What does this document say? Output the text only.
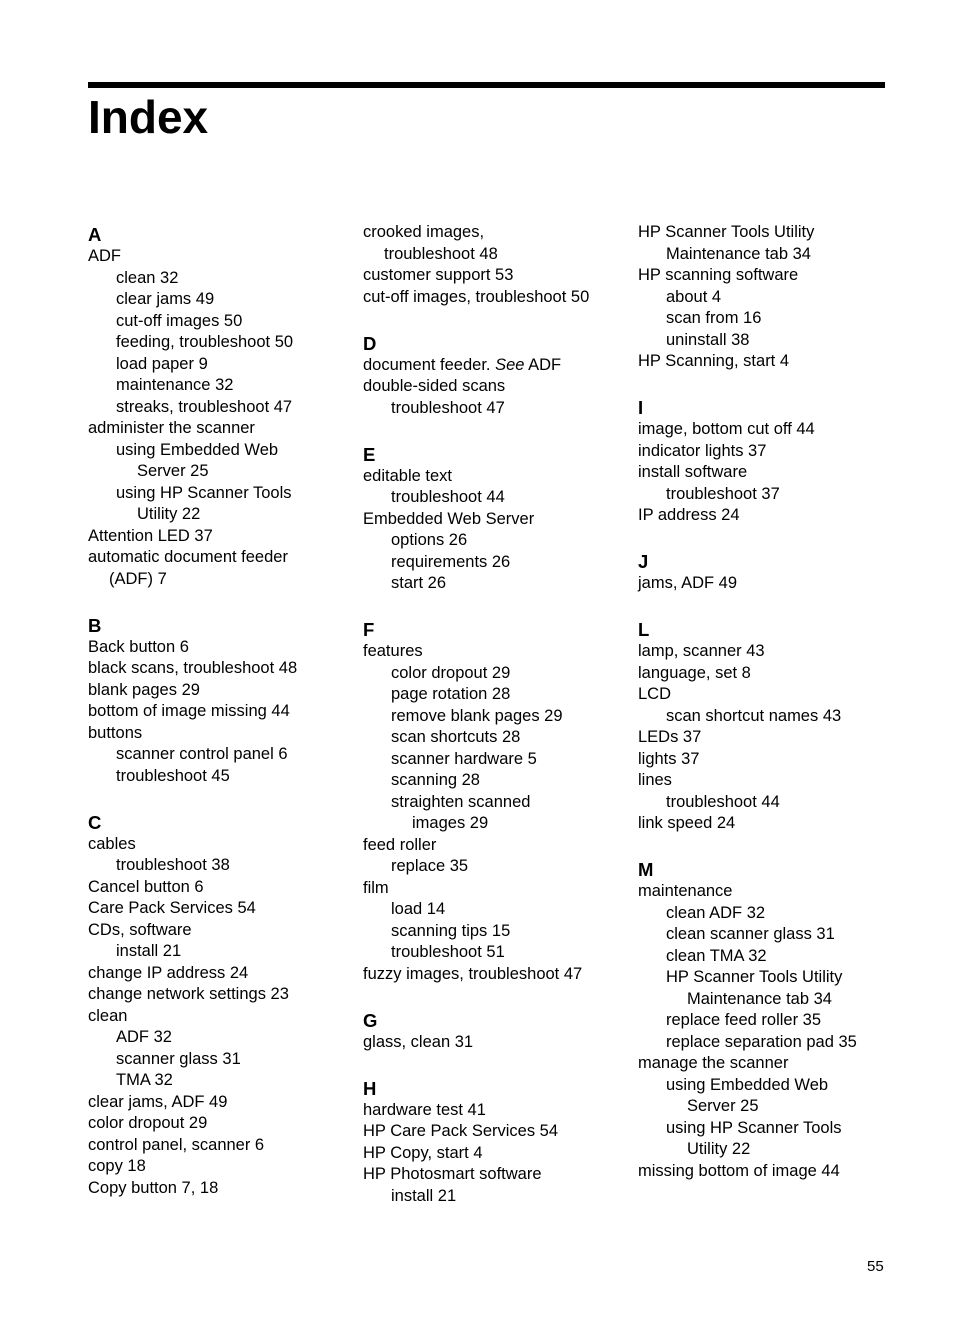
Index
A
ADF
clean 32
clear jams 49
cut-off images 50
feeding, troubleshoot 50
load paper 9
maintenance 32
streaks, troubleshoot 47
administer the scanner
using Embedded Web
Server 25
using HP Scanner Tools
Utility 22
Attention LED 37
automatic document feeder
(ADF) 7
B
Back button 6
black scans, troubleshoot 48
blank pages 29
bottom of image missing 44
buttons
scanner control panel 6
troubleshoot 45
C
cables
troubleshoot 38
Cancel button 6
Care Pack Services 54
CDs, software
install 21
change IP address 24
change network settings 23
clean
ADF 32
scanner glass 31
TMA 32
clear jams, ADF 49
color dropout 29
control panel, scanner 6
copy 18
Copy button 7, 18
crooked images,
troubleshoot 48
customer support 53
cut-off images, troubleshoot 50
D
document feeder. See ADF
double-sided scans
troubleshoot 47
E
editable text
troubleshoot 44
Embedded Web Server
options 26
requirements 26
start 26
F
features
color dropout 29
page rotation 28
remove blank pages 29
scan shortcuts 28
scanner hardware 5
scanning 28
straighten scanned
images 29
feed roller
replace 35
film
load 14
scanning tips 15
troubleshoot 51
fuzzy images, troubleshoot 47
G
glass, clean 31
H
hardware test 41
HP Care Pack Services 54
HP Copy, start 4
HP Photosmart software
install 21
HP Scanner Tools Utility
Maintenance tab 34
HP scanning software
about 4
scan from 16
uninstall 38
HP Scanning, start 4
I
image, bottom cut off 44
indicator lights 37
install software
troubleshoot 37
IP address 24
J
jams, ADF 49
L
lamp, scanner 43
language, set 8
LCD
scan shortcut names 43
LEDs 37
lights 37
lines
troubleshoot 44
link speed 24
M
maintenance
clean ADF 32
clean scanner glass 31
clean TMA 32
HP Scanner Tools Utility
Maintenance tab 34
replace feed roller 35
replace separation pad 35
manage the scanner
using Embedded Web
Server 25
using HP Scanner Tools
Utility 22
missing bottom of image 44
55
